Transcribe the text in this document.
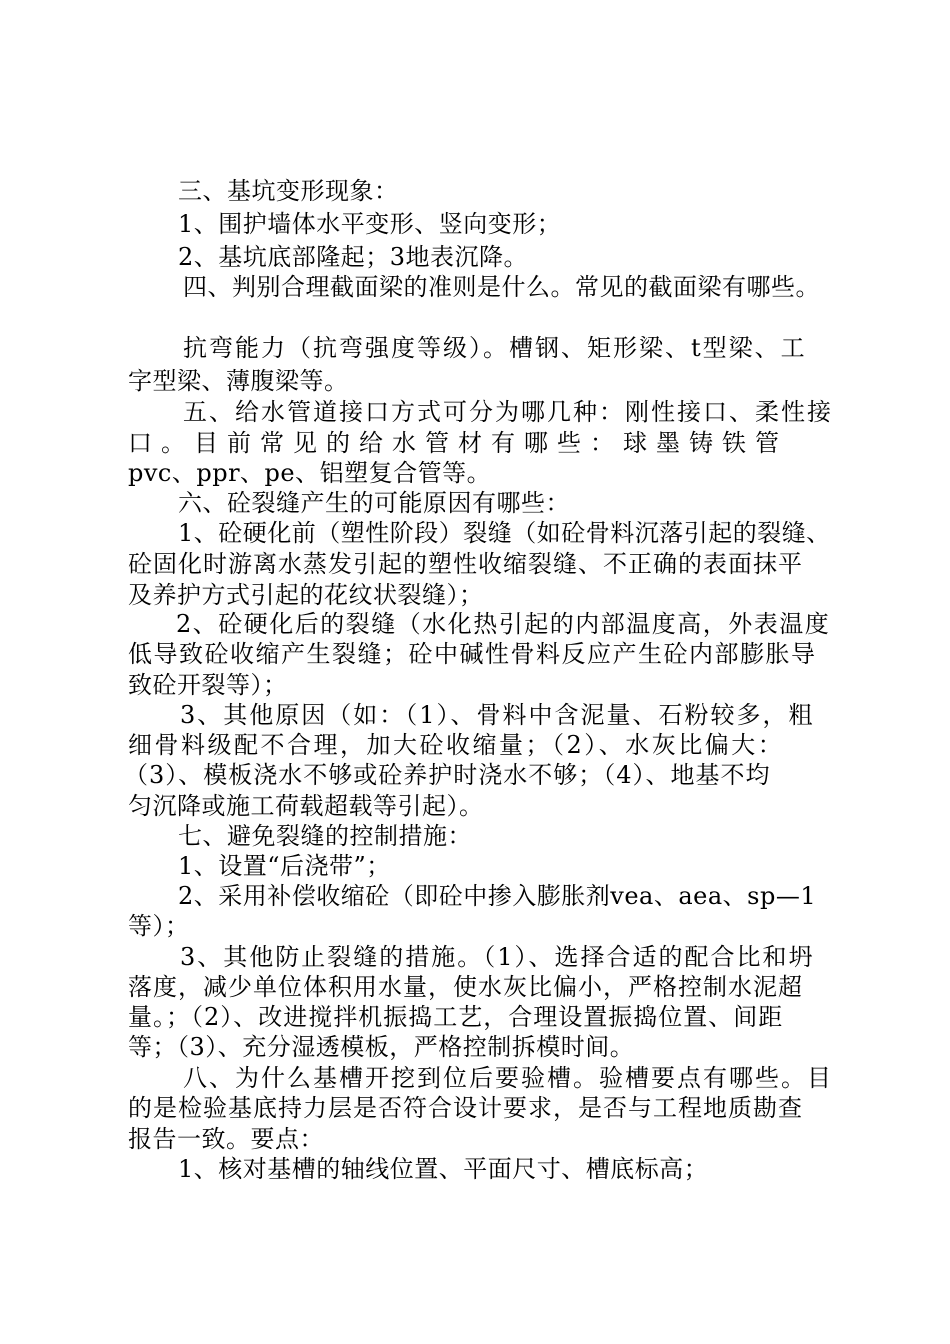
三、基坑变形现象：
1、围护墙体水平变形、竖向变形；
2、基坑底部隆起；3地表沉降。
四、判别合理截面梁的准则是什么。常见的截面梁有哪些。
抗弯能力（抗弯强度等级）。槽钢、矩形梁、t型梁、工
字型梁、薄腹梁等。
五、给水管道接口方式可分为哪几种：刚性接口、柔性接
口。目前常见的给水管材有哪些：球墨铸铁管
pvc、ppr、pe、铝塑复合管等。
六、砼裂缝产生的可能原因有哪些：
1、砼硬化前（塑性阶段）裂缝（如砼骨料沉落引起的裂缝、
砼固化时游离水蒸发引起的塑性收缩裂缝、不正确的表面抹平
及养护方式引起的花纹状裂缝）；
2、砼硬化后的裂缝（水化热引起的内部温度高，外表温度
低导致砼收缩产生裂缝；砼中碱性骨料反应产生砼内部膨胀导
致砼开裂等）；
3、其他原因（如：（1）、骨料中含泥量、石粉较多，粗
细骨料级配不合理，加大砼收缩量；（2）、水灰比偏大：
（3）、模板浇水不够或砼养护时浇水不够；（4）、地基不均
匀沉降或施工荷载超载等引起）。
七、避免裂缝的控制措施：
1、设置“后浇带”；
2、采用补偿收缩砼（即砼中掺入膨胀剂vea、aea、sp—1
等）；
3、其他防止裂缝的措施。（1）、选择合适的配合比和坍
落度，减少单位体积用水量，使水灰比偏小，严格控制水泥超
量。；（2）、改进搅拌机振捣工艺，合理设置振捣位置、间距
等；（3）、充分湿透模板，严格控制拆模时间。
八、为什么基槽开挖到位后要验槽。验槽要点有哪些。目
的是检验基底持力层是否符合设计要求，是否与工程地质勘查
报告一致。要点：
1、核对基槽的轴线位置、平面尺寸、槽底标高；
